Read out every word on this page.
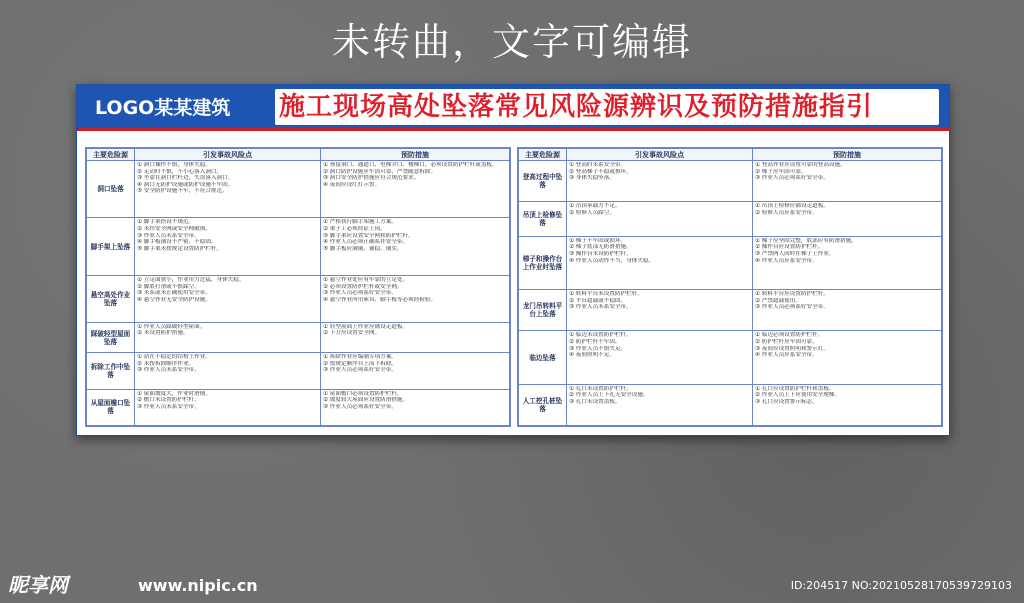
未转曲，文字可编辑
LOGO某某建筑 施工现场高处坠落常见风险源辨识及预防措施指引
主要危险源	引发事故风险点	预防措施
洞口坠落	① 洞口操作不慎，身体失稳。
② 走动时不慎，不小心落入洞口。
③ 坐靠在洞口栏杆边，失误落入洞口。
④ 洞口无防护设施或防护设施不牢固。
⑤ 安全防护设施不牢，不符合规范。	① 预留洞口、通道口、电梯井口、楼梯口，必须设置防护栏杆或盖板。
② 洞口防护设施应牢固可靠，严禁随意拆除。
③ 洞口安全防护措施应符合规范要求。
④ 夜间应设红灯示警。

脚手架上坠落	① 脚手架搭设不规范。
② 未挂安全网或安全网破损。
③ 作业人员未系安全带。
④ 脚手板铺设不严密、不稳固。
⑤ 脚手架未按规定设置防护栏杆。	① 严格执行脚手架施工方案。
② 架子工必须持证上岗。
③ 脚手架应设置安全网和防护栏杆。
④ 作业人员必须正确系挂安全带。
⑤ 脚手板应满铺、铺稳、铺实。

悬空高处作业坠落	① 立足面狭小，作业用力过猛，身体失稳。
② 脚底打滑或不慎踩空。
③ 未系或未正确使用安全带。
④ 悬空作业无安全防护设施。	① 悬空作业处应有牢靠的立足处。
② 必须设置防护栏杆或安全网。
③ 作业人员必须系好安全带。
④ 悬空作业所用索具、脚手板等必须经检验。

踩破轻型屋面坠落	① 作业人员踩破轻型屋面。
② 未设置防护措施。	① 轻型屋面上作业应铺设走道板。
② 下方应设置安全网。

拆除工作中坠落	① 站在不稳定的结构上作业。
② 未按拆除顺序作业。
③ 作业人员未系安全带。	① 拆除作业应编制专项方案。
② 按规定顺序自上而下拆除。
③ 作业人员必须系好安全带。

从屋面檐口坠落	① 屋面坡度大，作业时滑倒。
② 檐口未设置防护栏杆。
③ 作业人员未系安全带。	① 屋面檐口必须设置防护栏杆。
② 坡度较大屋面应设置防滑措施。
③ 作业人员必须系好安全带。
主要危险源	引发事故风险点	预防措施
登高过程中坠落	① 登高时未系安全带。
② 登高梯子不稳或损坏。
③ 身体失稳坠落。	① 登高作业应设置可靠的登高设施。
② 梯子应牢固可靠。
③ 作业人员必须系好安全带。

吊顶上检修坠落	① 吊顶承载力不足。
② 检修人员踩空。	① 吊顶上检修应铺设走道板。
② 检修人员应系安全带。

梯子和操作台上作业时坠落	① 梯子不牢固或损坏。
② 梯子底部无防滑措施。
③ 操作台未设防护栏杆。
④ 作业人员动作不当，身体失稳。	① 梯子应坚固完整，底部应有防滑措施。
② 操作台应设置防护栏杆。
③ 严禁两人同时在梯子上作业。
④ 作业人员应系安全带。

龙门吊转料平台上坠落	① 转料平台未设置防护栏杆。
② 平台超载或不稳固。
③ 作业人员未系安全带。	① 转料平台应设置防护栏杆。
② 严禁超载使用。
③ 作业人员必须系好安全带。

临边坠落	① 临边未设置防护栏杆。
② 防护栏杆不牢固。
③ 作业人员不慎失足。
④ 夜间照明不足。	① 临边必须设置防护栏杆。
② 防护栏杆应牢固可靠。
③ 夜间应设置照明和警示灯。
④ 作业人员应系安全带。

人工挖孔桩坠落	① 孔口未设置防护栏杆。
② 作业人员上下孔无安全设施。
③ 孔口未设置盖板。	① 孔口应设置防护栏杆和盖板。
② 作业人员上下应使用安全爬梯。
③ 孔口应设置警示标志。
昵享网	www.nipic.cn	ID:204517 NO:20210528170539729103
